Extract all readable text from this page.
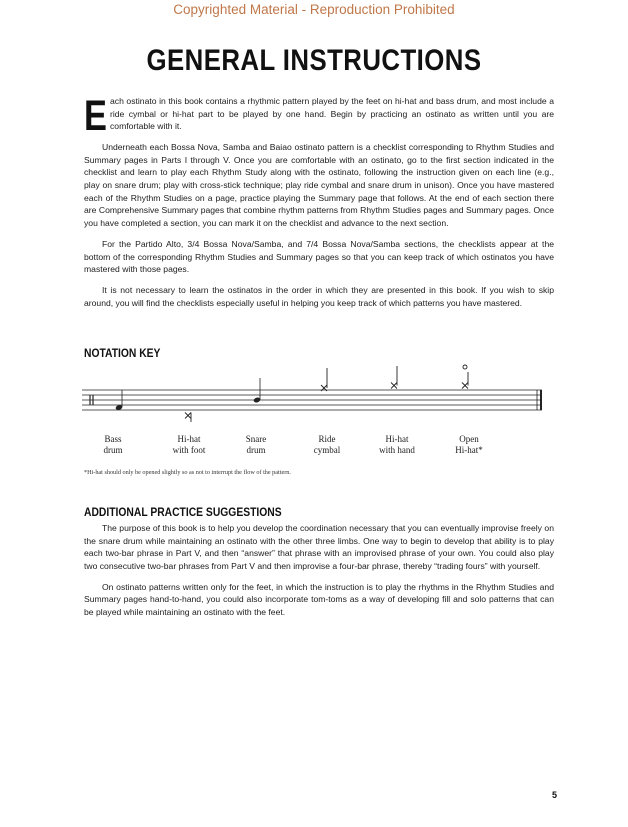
Copyrighted Material - Reproduction Prohibited
GENERAL INSTRUCTIONS

Each ostinato in this book contains a rhythmic pattern played by the feet on hi-hat and bass drum, and most include a ride cymbal or hi-hat part to be played by one hand. Begin by practicing an ostinato as written until you are comfortable with it.

Underneath each Bossa Nova, Samba and Baiao ostinato pattern is a checklist corresponding to Rhythm Studies and Summary pages in Parts I through V. Once you are comfortable with an ostinato, go to the first section indicated in the checklist and learn to play each Rhythm Study along with the ostinato, following the instruction given on each line (e.g., play on snare drum; play with cross-stick technique; play ride cymbal and snare drum in unison). Once you have mastered each of the Rhythm Studies on a page, practice playing the Summary page that follows. At the end of each section there are Comprehensive Summary pages that combine rhythm patterns from Rhythm Studies pages and Summary pages. Once you have completed a section, you can mark it on the checklist and advance to the next section.

For the Partido Alto, 3/4 Bossa Nova/Samba, and 7/4 Bossa Nova/Samba sections, the checklists appear at the bottom of the corresponding Rhythm Studies and Summary pages so that you can keep track of which ostinatos you have mastered with those pages.

It is not necessary to learn the ostinatos in the order in which they are presented in this book. If you wish to skip around, you will find the checklists especially useful in helping you keep track of which patterns you have mastered.

NOTATION KEY
Bass
drum
Hi-hat
with foot
Snare
drum
Ride
cymbal
Hi-hat
with hand
Open
Hi-hat*
*Hi-hat should only be opened slightly so as not to interrupt the flow of the pattern.
ADDITIONAL PRACTICE SUGGESTIONS

The purpose of this book is to help you develop the coordination necessary that you can eventually improvise freely on the snare drum while maintaining an ostinato with the other three limbs. One way to begin to develop that ability is to play each two-bar phrase in Part V, and then “answer” that phrase with an improvised phrase of your own. You could also play two consecutive two-bar phrases from Part V and then improvise a four-bar phrase, thereby “trading fours” with yourself.

On ostinato patterns written only for the feet, in which the instruction is to play the rhythms in the Rhythm Studies and Summary pages hand-to-hand, you could also incorporate tom-toms as a way of developing fill and solo patterns that can be played while maintaining an ostinato with the feet.

5
